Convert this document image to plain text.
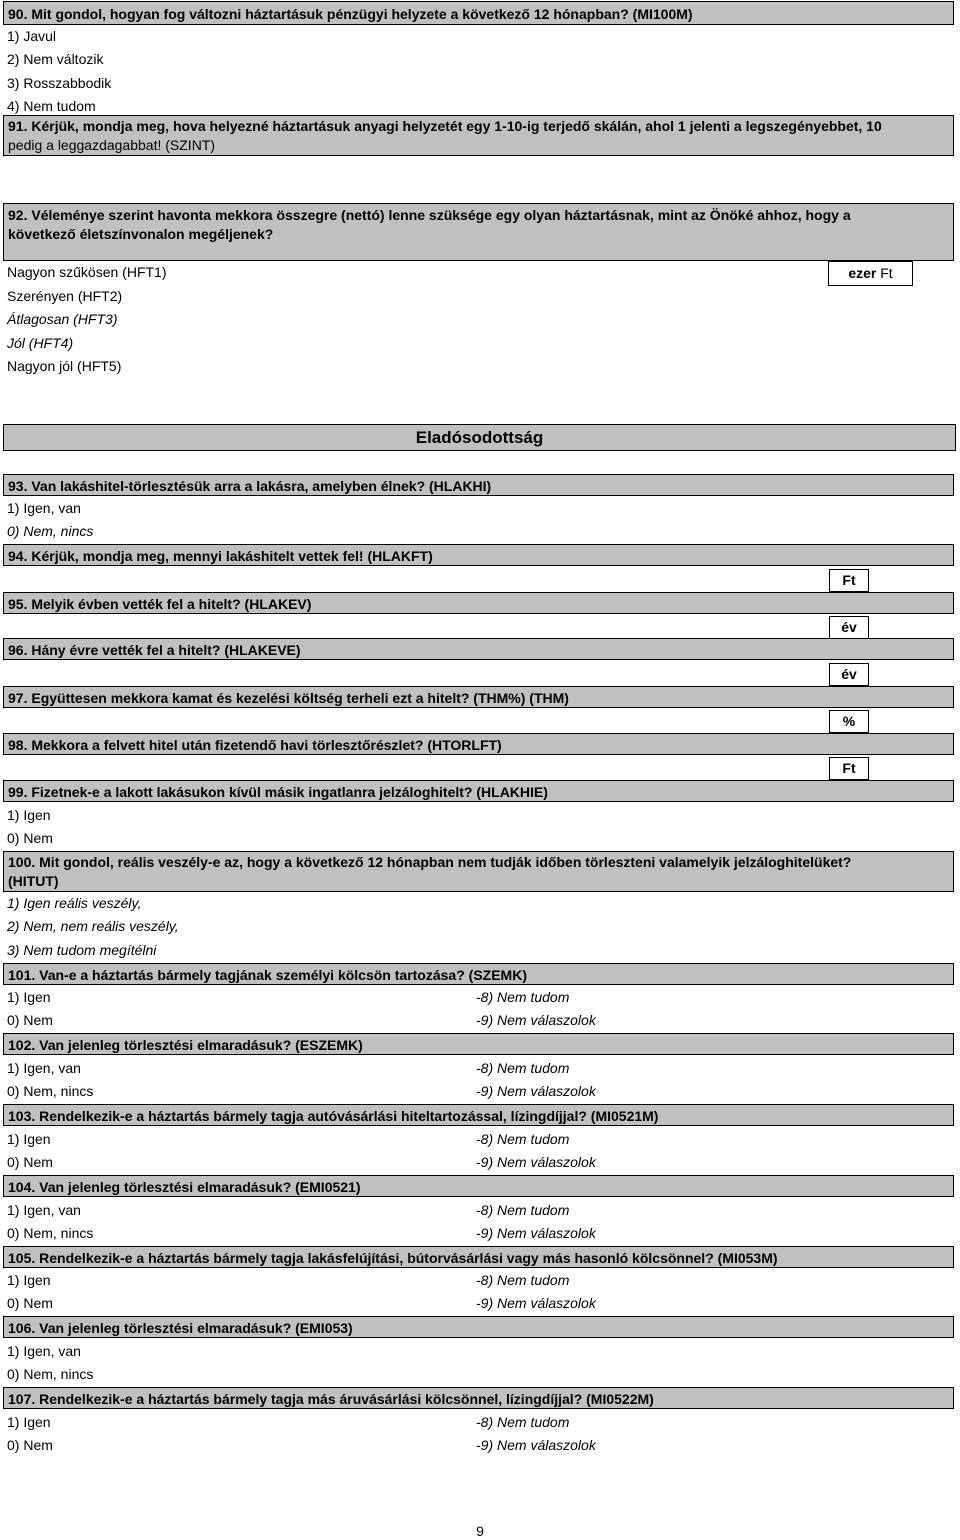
90. Mit gondol, hogyan fog változni háztartásuk pénzügyi helyzete a következő 12 hónapban? (MI100M)
1) Javul
2) Nem változik
3) Rosszabbodik
4) Nem tudom
91. Kérjük, mondja meg, hova helyezné háztartásuk anyagi helyzetét egy 1-10-ig terjedő skálán, ahol 1 jelenti a legszegényebbet, 10
pedig a leggazdagabbat! (SZINT)
92. Véleménye szerint havonta mekkora összegre (nettó) lenne szüksége egy olyan háztartásnak, mint az Önöké ahhoz, hogy a
következő életszínvonalon megéljenek?
Nagyon szűkösen (HFT1)
Szerényen (HFT2)
Átlagosan (HFT3)
Jól (HFT4)
Nagyon jól (HFT5)
ezer Ft
Eladósodottság
93. Van lakáshitel-törlesztésük arra a lakásra, amelyben élnek? (HLAKHI)
1) Igen, van
0) Nem, nincs
94. Kérjük, mondja meg, mennyi lakáshitelt vettek fel! (HLAKFT)
Ft
95. Melyik évben vették fel a hitelt? (HLAKEV)
év
96. Hány évre vették fel a hitelt? (HLAKEVE)
év
97. Együttesen mekkora kamat és kezelési költség terheli ezt a hitelt? (THM%) (THM)
%
98. Mekkora a felvett hitel után fizetendő havi törlesztőrészlet? (HTORLFT)
Ft
99. Fizetnek-e a lakott lakásukon kívül másik ingatlanra jelzáloghitelt? (HLAKHIE)
1) Igen
0) Nem
100. Mit gondol, reális veszély-e az, hogy a következő 12 hónapban nem tudják időben törleszteni valamelyik jelzáloghitelüket?
(HITUT)
1) Igen reális veszély,
2) Nem, nem reális veszély,
3) Nem tudom megítélni
101. Van-e a háztartás bármely tagjának személyi kölcsön tartozása? (SZEMK)
1) Igen
0) Nem
-8) Nem tudom
-9) Nem válaszolok
102. Van jelenleg törlesztési elmaradásuk? (ESZEMK)
1) Igen, van
0) Nem, nincs
-8) Nem tudom
-9) Nem válaszolok
103. Rendelkezik-e a háztartás bármely tagja autóvásárlási hiteltartozással, lízingdíjjal? (MI0521M)
1) Igen
0) Nem
-8) Nem tudom
-9) Nem válaszolok
104. Van jelenleg törlesztési elmaradásuk? (EMI0521)
1) Igen, van
0) Nem, nincs
-8) Nem tudom
-9) Nem válaszolok
105. Rendelkezik-e a háztartás bármely tagja lakásfelújítási, bútorvásárlási vagy más hasonló kölcsönnel? (MI053M)
1) Igen
0) Nem
-8) Nem tudom
-9) Nem válaszolok
106. Van jelenleg törlesztési elmaradásuk? (EMI053)
1) Igen, van
0) Nem, nincs
107. Rendelkezik-e a háztartás bármely tagja más áruvásárlási kölcsönnel, lízingdíjjal? (MI0522M)
1) Igen
0) Nem
-8) Nem tudom
-9) Nem válaszolok
9
